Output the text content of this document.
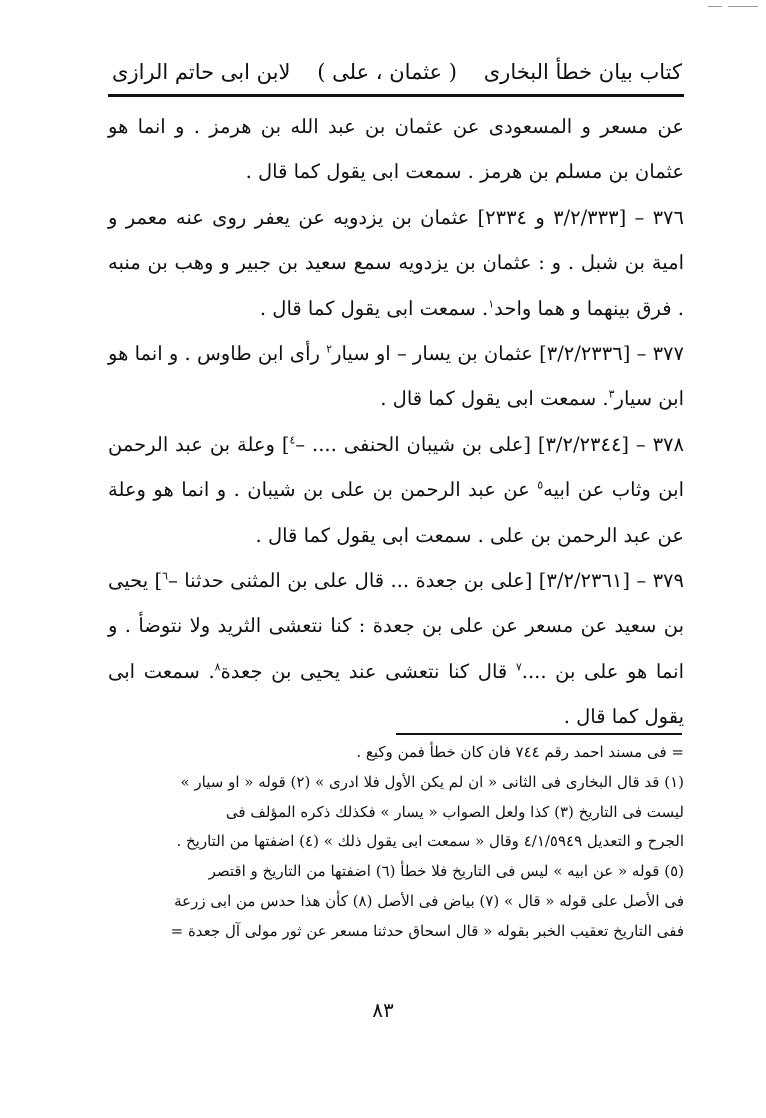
كتاب بيان خطأ البخارى
( عثمان ، على )
لابن ابى حاتم الرازى

عن مسعر و المسعودى عن عثمان بن عبد الله بن هرمز . و انما هو عثمان بن مسلم بن هرمز . سمعت ابى يقول كما قال .

٣٧٦ – [٣/٢/٣٣٣ و ٢٣٣٤] عثمان بن يزدويه عن يعفر روى عنه معمر و امية بن شبل . و : عثمان بن يزدويه سمع سعيد بن جبير و وهب بن منبه . فرق بينهما و هما واحد$^١$. سمعت ابى يقول كما قال .

٣٧٧ – [٣/٢/٢٣٣٦] عثمان بن يسار – او سيار$^٢$ رأى ابن طاوس . و انما هو ابن سيار$^٣$. سمعت ابى يقول كما قال .

٣٧٨ – [٣/٢/٢٣٤٤] [على بن شيبان الحنفى .... –$^٤$] وعلة بن عبد الرحمن ابن وثاب عن ابيه$^٥$ عن عبد الرحمن بن على بن شيبان . و انما هو وعلة عن عبد الرحمن بن على . سمعت ابى يقول كما قال .

٣٧٩ – [٣/٢/٢٣٦١] [على بن جعدة ... قال على بن المثنى حدثنا –$^٦$] يحيى بن سعيد عن مسعر عن على بن جعدة : كنا نتعشى الثريد ولا نتوضأ . و انما هو على بن ....$^٧$ قال كنا نتعشى عند يحيى بن جعدة$^٨$. سمعت ابى يقول كما قال .

= فى مسند احمد رقم ٧٤٤ فان كان خطأ فمن وكيع .

(١) قد قال البخارى فى الثانى « ان لم يكن الأول فلا ادرى » (٢) قوله « او سيار »

ليست فى التاريخ (٣) كذا ولعل الصواب « يسار » فكذلك ذكره المؤلف فى

الجرح و التعديل ٤/١/٥٩٤٩ وقال « سمعت ابى يقول ذلك » (٤) اضفتها من التاريخ .

(٥) قوله « عن ابيه » ليس فى التاريخ فلا خطأ (٦) اضفتها من التاريخ و اقتصر

فى الأصل على قوله « قال » (٧) بياض فى الأصل (٨) كأن هذا حدس من ابى زرعة

ففى التاريخ تعقيب الخبر بقوله « قال اسحاق حدثنا مسعر عن ثور مولى آل جعدة =

٨٣
